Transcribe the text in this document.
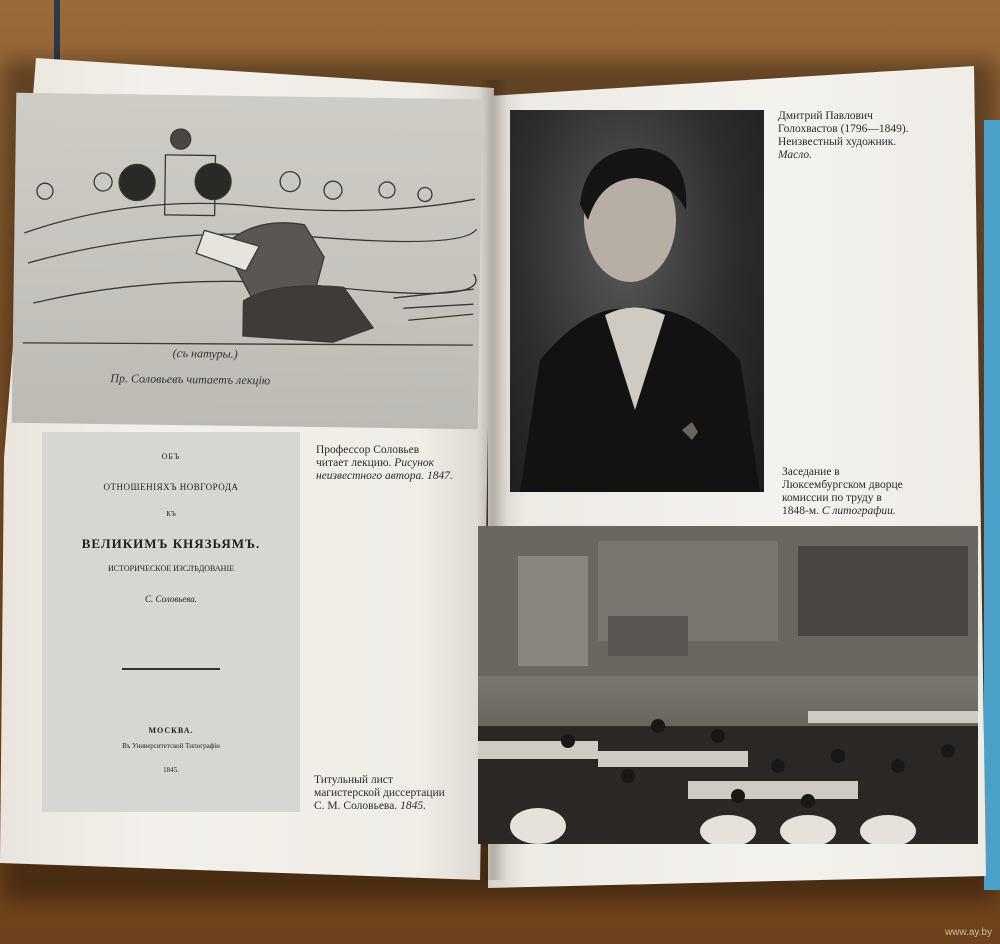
(съ натуры.)
Пр. Соловьевъ читаетъ лекцію

Дмитрий Павлович
Голохвастов (1796—1849).
Неизвестный художник.
Масло.

ОБЪ

ОТНОШЕНІЯХЪ НОВГОРОДА

КЪ

ВЕЛИКИМЪ КНЯЗЬЯМЪ.

ИСТОРИЧЕСКОЕ ИЗСЛѢДОВАНІЕ

С. Соловьева.

МОСКВА.

Въ Университетской Типографіи

1845.

Профессор Соловьев
читает лекцию. Рисунок
неизвестного автора. 1847.	Заседание в
Люксембургском дворце
комиссии по труду в
1848-м. С литографии.

Титульный лист
магистерской диссертации
С. М. Соловьева. 1845.

www.ay.by
